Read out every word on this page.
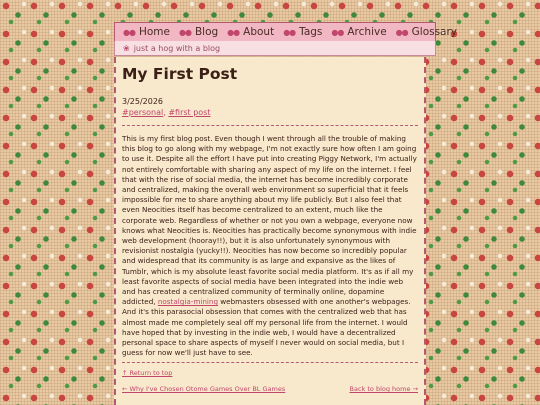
●● Home ●● Blog ●● About ●● Tags ●● Archive ●● Glossary
❀ just a hog with a blog
My First Post
3/25/2026
#personal, #first post
This is my first blog post. Even though I went through all the trouble of making this blog to go along with my webpage, I'm not exactly sure how often I am going to use it. Despite all the effort I have put into creating Piggy Network, I'm actually not entirely comfortable with sharing any aspect of my life on the internet. I feel that with the rise of social media, the internet has become incredibly corporate and centralized, making the overall web environment so superficial that it feels impossible for me to share anything about my life publicly. But I also feel that even Neocities itself has become centralized to an extent, much like the corporate web. Regardless of whether or not you own a webpage, everyone now knows what Neocities is. Neocities has practically become synonymous with indie web development (hooray!!), but it is also unfortunately synonymous with revisionist nostalgia (yucky!!). Neocities has now become so incredibly popular and widespread that its community is as large and expansive as the likes of Tumblr, which is my absolute least favorite social media platform. It's as if all my least favorite aspects of social media have been integrated into the indie web and has created a centralized community of terminally online, dopamine addicted, nostalgia-mining webmasters obsessed with one another's webpages. And it's this parasocial obsession that comes with the centralized web that has almost made me completely seal off my personal life from the internet. I would have hoped that by investing in the indie web, I would have a decentralized personal space to share aspects of myself I never would on social media, but I guess for now we'll just have to see.
↑ Return to top
← Why I've Chosen Otome Games Over BL Games	Back to blog home →
